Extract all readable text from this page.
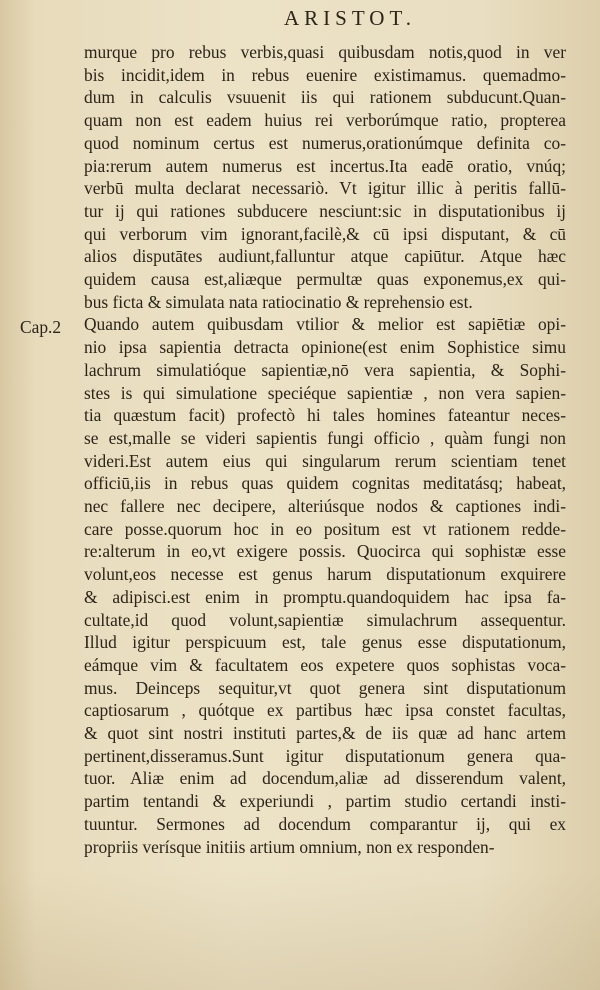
ARISTOT.
Cap.2
murque pro rebus verbis,quasi quibusdam notis,quod in ver
bis incidit,idem in rebus euenire existimamus. quemadmo-
dum in calculis vsuuenit iis qui rationem subducunt.Quan-
quam non est eadem huius rei verborúmque ratio, propterea
quod nominum certus est numerus,orationúmque definita co-
pia:rerum autem numerus est incertus.Ita eadē oratio, vnúq;
verbū multa declarat necessariò. Vt igitur illic à peritis fallū-
tur ij qui rationes subducere nesciunt:sic in disputationibus ij
qui verborum vim ignorant,facilè,& cū ipsi disputant, & cū
alios disputātes audiunt,falluntur atque capiūtur. Atque hæc
quidem causa est,aliæque permultæ quas exponemus,ex qui-
bus ficta & simulata nata ratiocinatio & reprehensio est.
Quando autem quibusdam vtilior & melior est sapiētiæ opi-
nio ipsa sapientia detracta opinione(est enim Sophistice simu
lachrum simulatióque sapientiæ,nō vera sapientia, & Sophi-
stes is qui simulatione speciéque sapientiæ , non vera sapien-
tia quæstum facit) profectò hi tales homines fateantur neces-
se est,malle se videri sapientis fungi officio , quàm fungi non
videri.Est autem eius qui singularum rerum scientiam tenet
officiū,iis in rebus quas quidem cognitas meditatásq; habeat,
nec fallere nec decipere, alteriúsque nodos & captiones indi-
care posse.quorum hoc in eo positum est vt rationem redde-
re:alterum in eo,vt exigere possis. Quocirca qui sophistæ esse
volunt,eos necesse est genus harum disputationum exquirere
& adipisci.est enim in promptu.quandoquidem hac ipsa fa-
cultate,id quod volunt,sapientiæ simulachrum assequentur.
Illud igitur perspicuum est, tale genus esse disputationum,
eámque vim & facultatem eos expetere quos sophistas voca-
mus. Deinceps sequitur,vt quot genera sint disputationum
captiosarum , quótque ex partibus hæc ipsa constet facultas,
& quot sint nostri instituti partes,& de iis quæ ad hanc artem
pertinent,disseramus.Sunt igitur disputationum genera qua-
tuor. Aliæ enim ad docendum,aliæ ad disserendum valent,
partim tentandi & experiundi , partim studio certandi insti-
tuuntur. Sermones ad docendum comparantur ij, qui ex
propriis verísque initiis artium omnium, non ex responden-
